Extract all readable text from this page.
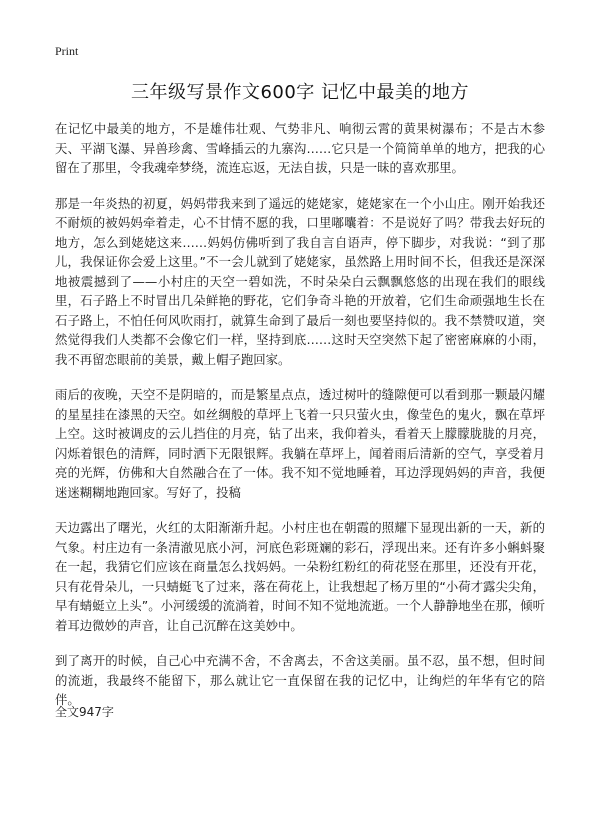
Print
三年级写景作文600字 记忆中最美的地方

在记忆中最美的地方，不是雄伟壮观、气势非凡、响彻云霄的黄果树瀑布；不是古木参天、平湖飞瀑、异兽珍禽、雪峰插云的九寨沟……它只是一个简简单单的地方，把我的心留在了那里，令我魂牵梦绕，流连忘返，无法自拔，只是一昧的喜欢那里。

那是一年炎热的初夏，妈妈带我来到了遥远的姥姥家，姥姥家在一个小山庄。刚开始我还不耐烦的被妈妈牵着走，心不甘情不愿的我，口里嘟囔着：不是说好了吗？带我去好玩的地方，怎么到姥姥这来……妈妈仿佛听到了我自言自语声，停下脚步，对我说：“到了那儿，我保证你会爱上这里。”不一会儿就到了姥姥家，虽然路上用时间不长，但我还是深深地被震撼到了——小村庄的天空一碧如洗，不时朵朵白云飘飘悠悠的出现在我们的眼线里，石子路上不时冒出几朵鲜艳的野花，它们争奇斗艳的开放着，它们生命顽强地生长在石子路上，不怕任何风吹雨打，就算生命到了最后一刻也要坚持似的。我不禁赞叹道，突然觉得我们人类都不会像它们一样，坚持到底……这时天空突然下起了密密麻麻的小雨，我不再留恋眼前的美景，戴上帽子跑回家。

雨后的夜晚，天空不是阴暗的，而是繁星点点，透过树叶的缝隙便可以看到那一颗最闪耀的星星挂在漆黑的天空。如丝绸般的草坪上飞着一只只萤火虫，像莹色的鬼火，飘在草坪上空。这时被调皮的云儿挡住的月亮，钻了出来，我仰着头，看着天上朦朦胧胧的月亮，闪烁着银色的清辉，同时洒下无限银辉。我躺在草坪上，闻着雨后清新的空气，享受着月亮的光辉，仿佛和大自然融合在了一体。我不知不觉地睡着，耳边浮现妈妈的声音，我便迷迷糊糊地跑回家。写好了，投稿

天边露出了曙光，火红的太阳渐渐升起。小村庄也在朝霞的照耀下显现出新的一天，新的气象。村庄边有一条清澈见底小河，河底色彩斑斓的彩石，浮现出来。还有许多小蝌蚪聚在一起，我猜它们应该在商量怎么找妈妈。一朵粉红粉红的荷花竖在那里，还没有开花，只有花骨朵儿，一只蜻蜓飞了过来，落在荷花上，让我想起了杨万里的“小荷才露尖尖角，早有蜻蜓立上头”。小河缓缓的流淌着，时间不知不觉地流逝。一个人静静地坐在那，倾听着耳边微妙的声音，让自己沉醉在这美妙中。

到了离开的时候，自己心中充满不舍，不舍离去，不舍这美丽。虽不忍，虽不想，但时间的流逝，我最终不能留下，那么就让它一直保留在我的记忆中，让绚烂的年华有它的陪伴。

全文947字
